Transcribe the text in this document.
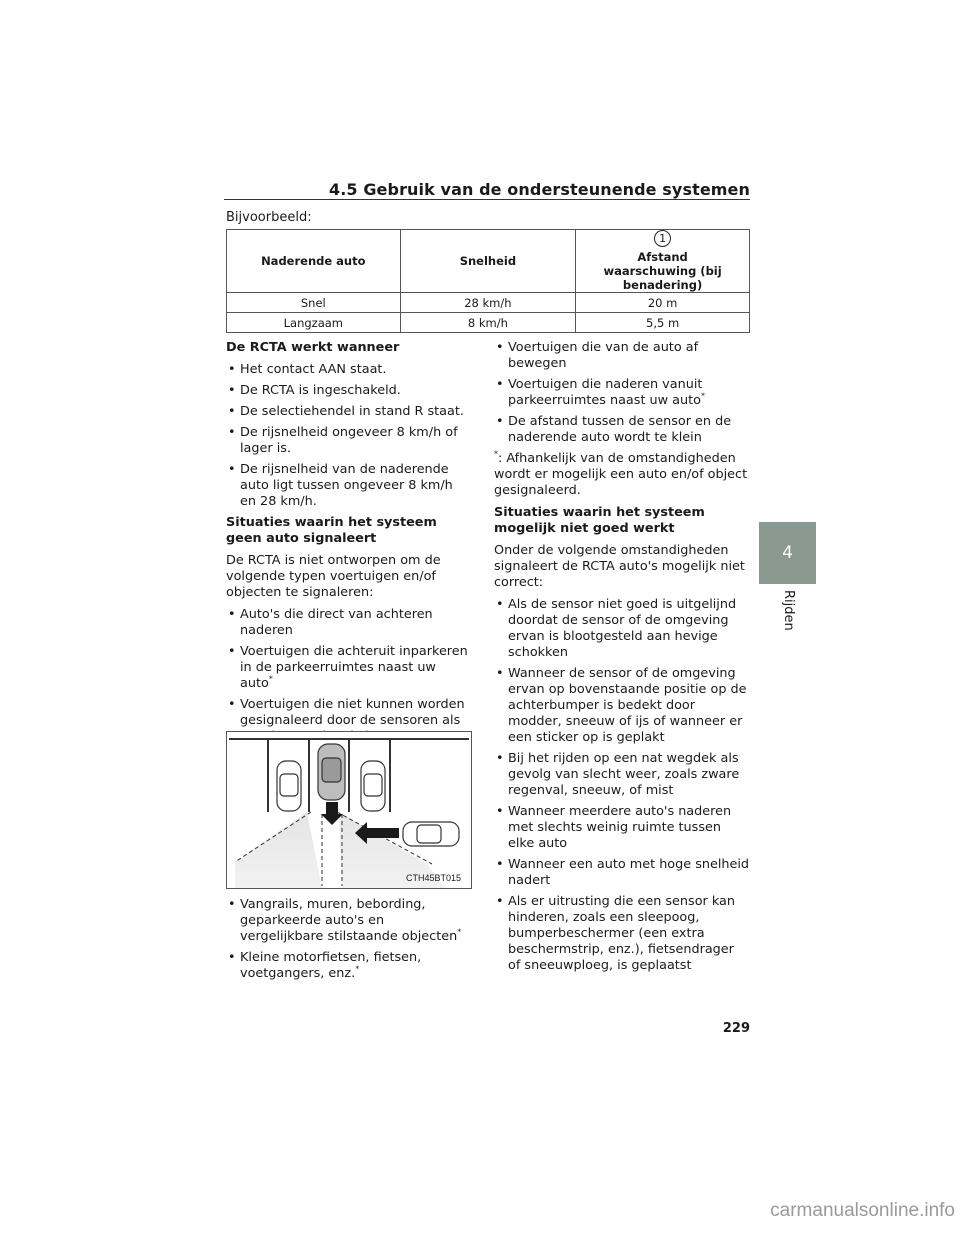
4.5 Gebruik van de ondersteunende systemen
Bijvoorbeeld:
Naderende auto	Snelheid	1
Afstand waarschuwing (bij benadering)
Snel	28 km/h	20 m
Langzaam	8 km/h	5,5 m
De RCTA werkt wanneer
• Het contact AAN staat.
• De RCTA is ingeschakeld.
• De selectiehendel in stand R staat.
• De rijsnelheid ongeveer 8 km/h of lager is.
• De rijsnelheid van de naderende auto ligt tussen ongeveer 8 km/h en 28 km/h.
Situaties waarin het systeem geen auto signaleert
De RCTA is niet ontworpen om de volgende typen voertuigen en/of objecten te signaleren:
• Auto's die direct van achteren naderen
• Voertuigen die achteruit inparkeren in de parkeerruimtes naast uw auto*
• Voertuigen die niet kunnen worden gesignaleerd door de sensoren als
CTH45BT015
• Vangrails, muren, bebording, geparkeerde auto's en vergelijkbare stilstaande objecten*
• Kleine motorfietsen, fietsen, voetgangers, enz.*
• Voertuigen die van de auto af bewegen
• Voertuigen die naderen vanuit parkeerruimtes naast uw auto*
• De afstand tussen de sensor en de naderende auto wordt te klein
*: Afhankelijk van de omstandigheden wordt er mogelijk een auto en/of object gesignaleerd.
Situaties waarin het systeem mogelijk niet goed werkt
Onder de volgende omstandigheden signaleert de RCTA auto's mogelijk niet correct:
• Als de sensor niet goed is uitgelijnd doordat de sensor of de omgeving ervan is blootgesteld aan hevige schokken
• Wanneer de sensor of de omgeving ervan op bovenstaande positie op de achterbumper is bedekt door modder, sneeuw of ijs of wanneer er een sticker op is geplakt
• Bij het rijden op een nat wegdek als gevolg van slecht weer, zoals zware regenval, sneeuw, of mist
• Wanneer meerdere auto's naderen met slechts weinig ruimte tussen elke auto
• Wanneer een auto met hoge snelheid nadert
• Als er uitrusting die een sensor kan hinderen, zoals een sleepoog, bumperbeschermer (een extra beschermstrip, enz.), fietsendrager of sneeuwploeg, is geplaatst
4
Rijden
229
carmanualsonline.info
